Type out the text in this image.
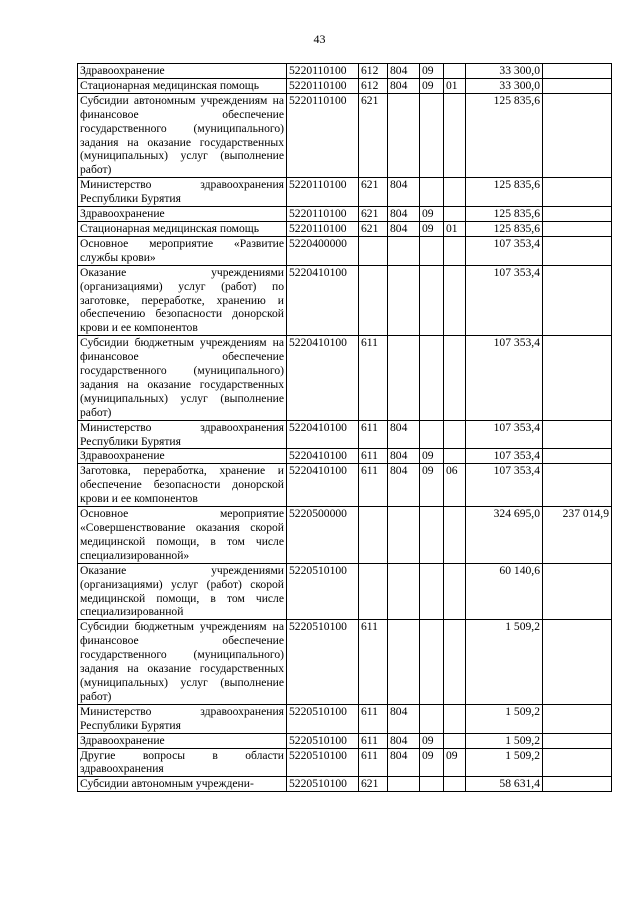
43
Здравоохранение	5220110100	612	804	09		33 300,0	
Стационарная медицинская помощь	5220110100	612	804	09	01	33 300,0	
Субсидии автономным учреждениям на финансовое обеспечение государственного (муниципального) задания на оказание государственных (муниципальных) услуг (выполнение работ)	5220110100	621				125 835,6	
Министерство здравоохранения Республики Бурятия	5220110100	621	804			125 835,6	
Здравоохранение	5220110100	621	804	09		125 835,6	
Стационарная медицинская помощь	5220110100	621	804	09	01	125 835,6	
Основное мероприятие «Развитие службы крови»	5220400000					107 353,4	
Оказание учреждениями (организациями) услуг (работ) по заготовке, переработке, хранению и обеспечению безопасности донорской крови и ее компонентов	5220410100					107 353,4	
Субсидии бюджетным учреждениям на финансовое обеспечение государственного (муниципального) задания на оказание государственных (муниципальных) услуг (выполнение работ)	5220410100	611				107 353,4	
Министерство здравоохранения Республики Бурятия	5220410100	611	804			107 353,4	
Здравоохранение	5220410100	611	804	09		107 353,4	
Заготовка, переработка, хранение и обеспечение безопасности донорской крови и ее компонентов	5220410100	611	804	09	06	107 353,4	
Основное мероприятие «Совершенствование оказания скорой медицинской помощи, в том числе специализированной»	5220500000					324 695,0	237 014,9
Оказание учреждениями (организациями) услуг (работ) скорой медицинской помощи, в том числе специализированной	5220510100					60 140,6	
Субсидии бюджетным учреждениям на финансовое обеспечение государственного (муниципального) задания на оказание государственных (муниципальных) услуг (выполнение работ)	5220510100	611				1 509,2	
Министерство здравоохранения Республики Бурятия	5220510100	611	804			1 509,2	
Здравоохранение	5220510100	611	804	09		1 509,2	
Другие вопросы в области здравоохранения	5220510100	611	804	09	09	1 509,2	
Субсидии автономным учреждени-	5220510100	621				58 631,4	
